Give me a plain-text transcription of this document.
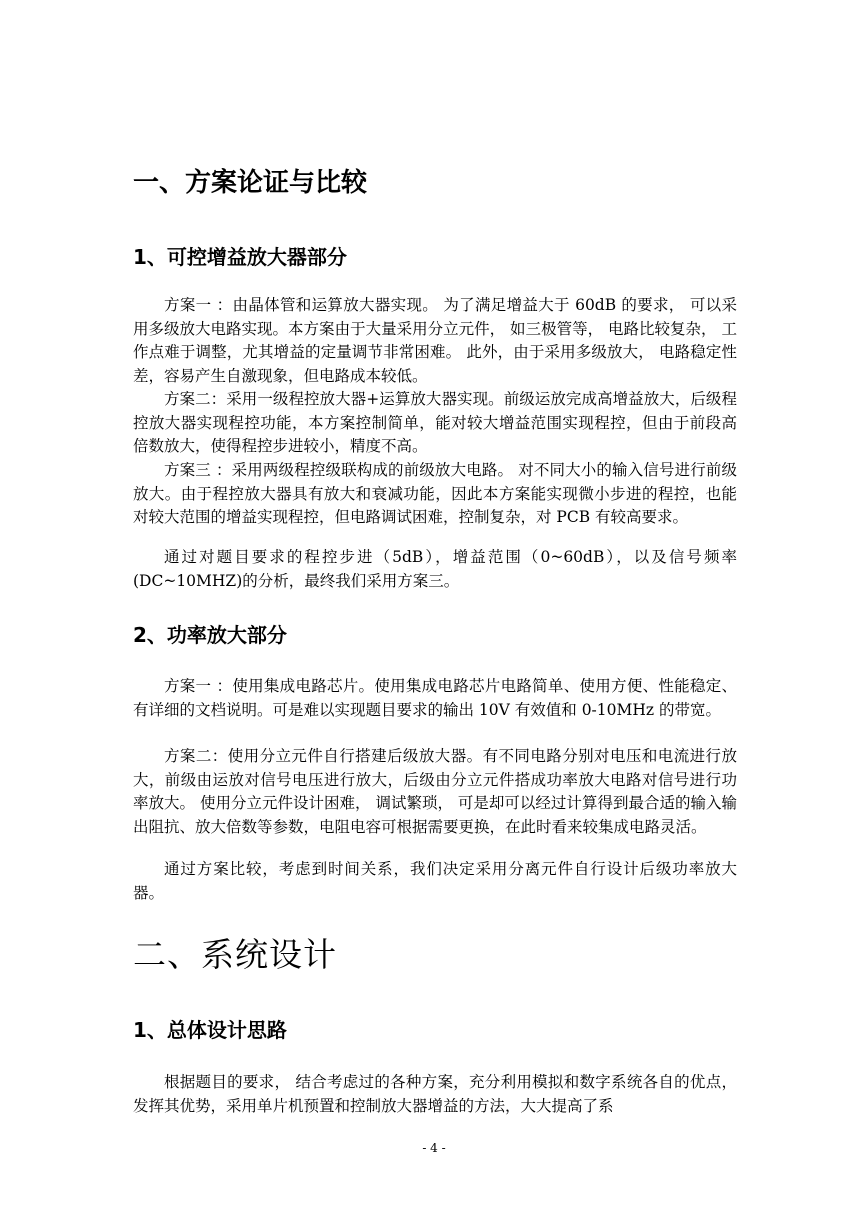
一、方案论证与比较
1、可控增益放大器部分

方案一 ：由晶体管和运算放大器实现。 为了满足增益大于 60dB 的要求， 可以采用多级放大电路实现。本方案由于大量采用分立元件， 如三极管等， 电路比较复杂， 工作点难于调整，尤其增益的定量调节非常困难。 此外，由于采用多级放大， 电路稳定性差，容易产生自激现象，但电路成本较低。

方案二：采用一级程控放大器+运算放大器实现。前级运放完成高增益放大，后级程控放大器实现程控功能，本方案控制简单，能对较大增益范围实现程控，但由于前段高倍数放大，使得程控步进较小，精度不高。

方案三 ：采用两级程控级联构成的前级放大电路。 对不同大小的输入信号进行前级放大。由于程控放大器具有放大和衰减功能，因此本方案能实现微小步进的程控，也能对较大范围的增益实现程控，但电路调试困难，控制复杂，对 PCB 有较高要求。

通过对题目要求的程控步进（5dB），增益范围（0~60dB），以及信号频率(DC~10MHZ)的分析，最终我们采用方案三。

2、功率放大部分

方案一 ：使用集成电路芯片。使用集成电路芯片电路简单、使用方便、性能稳定、有详细的文档说明。可是难以实现题目要求的输出 10V 有效值和 0-10MHz 的带宽。

方案二：使用分立元件自行搭建后级放大器。有不同电路分别对电压和电流进行放大，前级由运放对信号电压进行放大，后级由分立元件搭成功率放大电路对信号进行功率放大。 使用分立元件设计困难， 调试繁琐， 可是却可以经过计算得到最合适的输入输出阻抗、放大倍数等参数，电阻电容可根据需要更换，在此时看来较集成电路灵活。

通过方案比较，考虑到时间关系，我们决定采用分离元件自行设计后级功率放大器。

二、系统设计
1、总体设计思路

根据题目的要求， 结合考虑过的各种方案，充分利用模拟和数字系统各自的优点，发挥其优势，采用单片机预置和控制放大器增益的方法，大大提高了系

- 4 -
